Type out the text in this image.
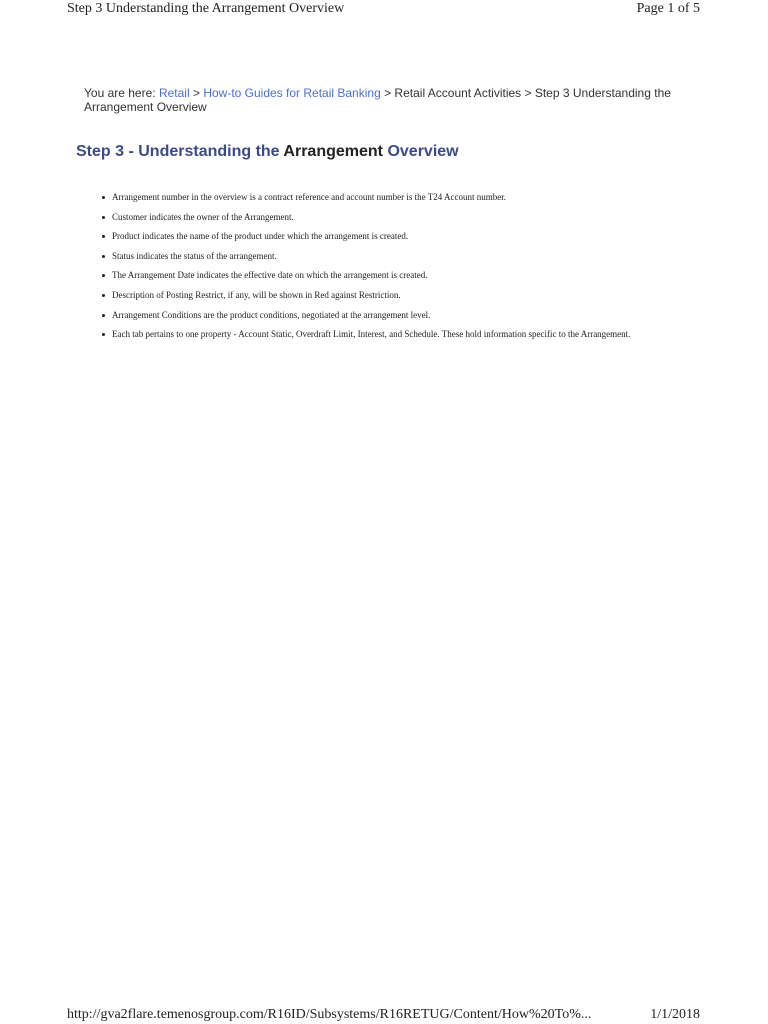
Step 3 Understanding the Arrangement Overview	Page 1 of 5
You are here: Retail > How-to Guides for Retail Banking > Retail Account Activities > Step 3 Understanding the Arrangement Overview
Step 3 - Understanding the Arrangement Overview
Arrangement number in the overview is a contract reference and account number is the T24 Account number.
Customer indicates the owner of the Arrangement.
Product indicates the name of the product under which the arrangement is created.
Status indicates the status of the arrangement.
The Arrangement Date indicates the effective date on which the arrangement is created.
Description of Posting Restrict, if any, will be shown in Red against Restriction.
Arrangement Conditions are the product conditions, negotiated at the arrangement level.
Each tab pertains to one property - Account Static, Overdraft Limit, Interest, and Schedule. These hold information specific to the Arrangement.
http://gva2flare.temenosgroup.com/R16ID/Subsystems/R16RETUG/Content/How%20To%...	1/1/2018
